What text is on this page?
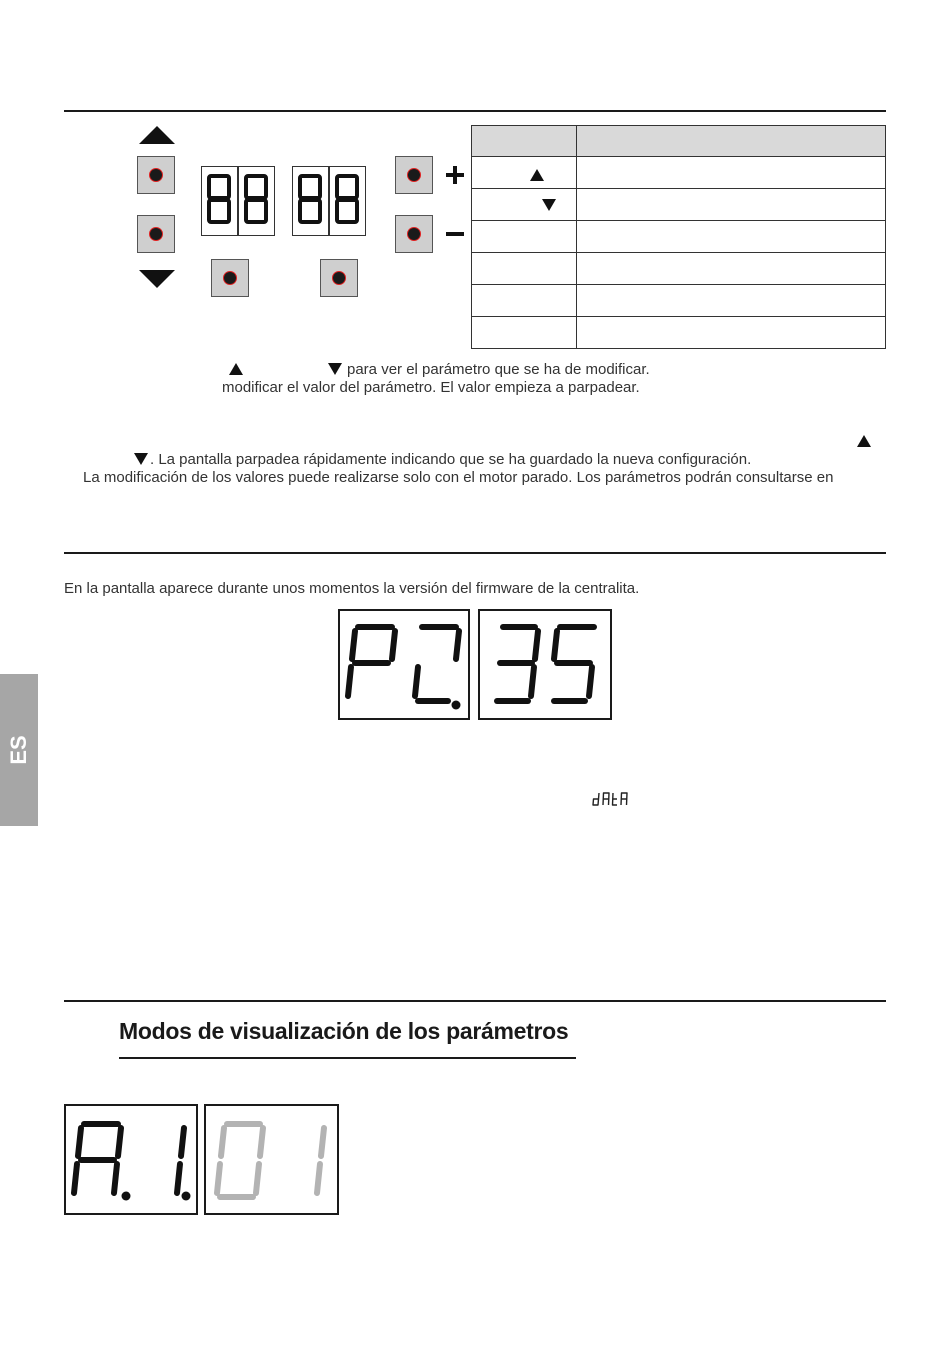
para ver el parámetro que se ha de modificar.
modificar el valor del parámetro. El valor empieza a parpadear.
. La pantalla parpadea rápidamente indicando que se ha guardado la nueva configuración.
La modificación de los valores puede realizarse solo con el motor parado. Los parámetros podrán consultarse en
En la pantalla aparece durante unos momentos la versión del firmware de la centralita.
ES
Modos de visualización de los parámetros
